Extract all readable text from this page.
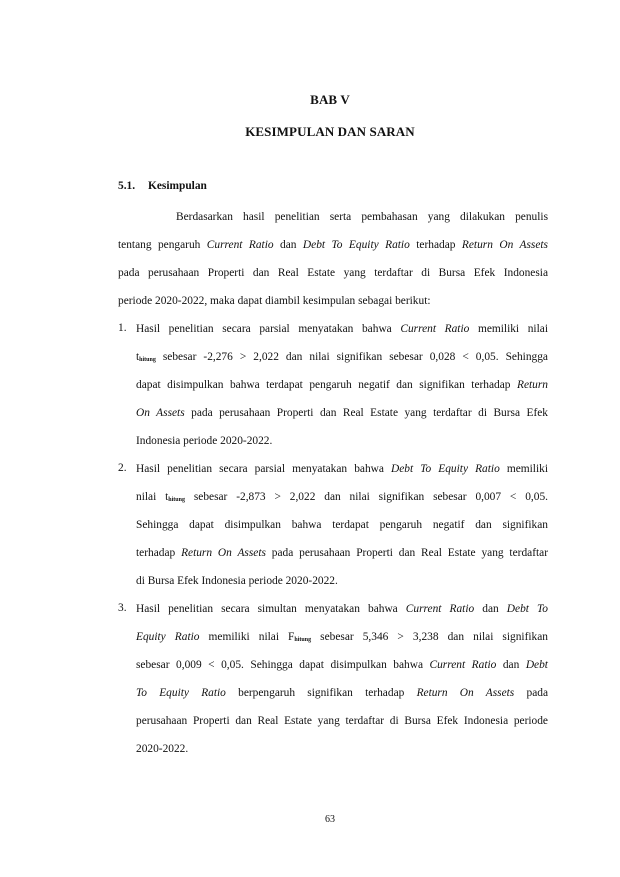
BAB V
KESIMPULAN DAN SARAN
5.1. Kesimpulan
Berdasarkan hasil penelitian serta pembahasan yang dilakukan penulis
tentang pengaruh Current Ratio dan Debt To Equity Ratio terhadap Return On Assets
pada perusahaan Properti dan Real Estate yang terdaftar di Bursa Efek Indonesia
periode 2020-2022, maka dapat diambil kesimpulan sebagai berikut:
1. Hasil penelitian secara parsial menyatakan bahwa Current Ratio memiliki nilai
$t_{hitung}$ sebesar -2,276 > 2,022 dan nilai signifikan sebesar 0,028 < 0,05. Sehingga
dapat disimpulkan bahwa terdapat pengaruh negatif dan signifikan terhadap Return
On Assets pada perusahaan Properti dan Real Estate yang terdaftar di Bursa Efek
Indonesia periode 2020-2022.
2. Hasil penelitian secara parsial menyatakan bahwa Debt To Equity Ratio memiliki
nilai $t_{hitung}$ sebesar -2,873 > 2,022 dan nilai signifikan sebesar 0,007 < 0,05.
Sehingga dapat disimpulkan bahwa terdapat pengaruh negatif dan signifikan
terhadap Return On Assets pada perusahaan Properti dan Real Estate yang terdaftar
di Bursa Efek Indonesia periode 2020-2022.
3. Hasil penelitian secara simultan menyatakan bahwa Current Ratio dan Debt To
Equity Ratio memiliki nilai $F_{hitung}$ sebesar 5,346 > 3,238 dan nilai signifikan
sebesar 0,009 < 0,05. Sehingga dapat disimpulkan bahwa Current Ratio dan Debt
To Equity Ratio berpengaruh signifikan terhadap Return On Assets pada
perusahaan Properti dan Real Estate yang terdaftar di Bursa Efek Indonesia periode
2020-2022.
63
